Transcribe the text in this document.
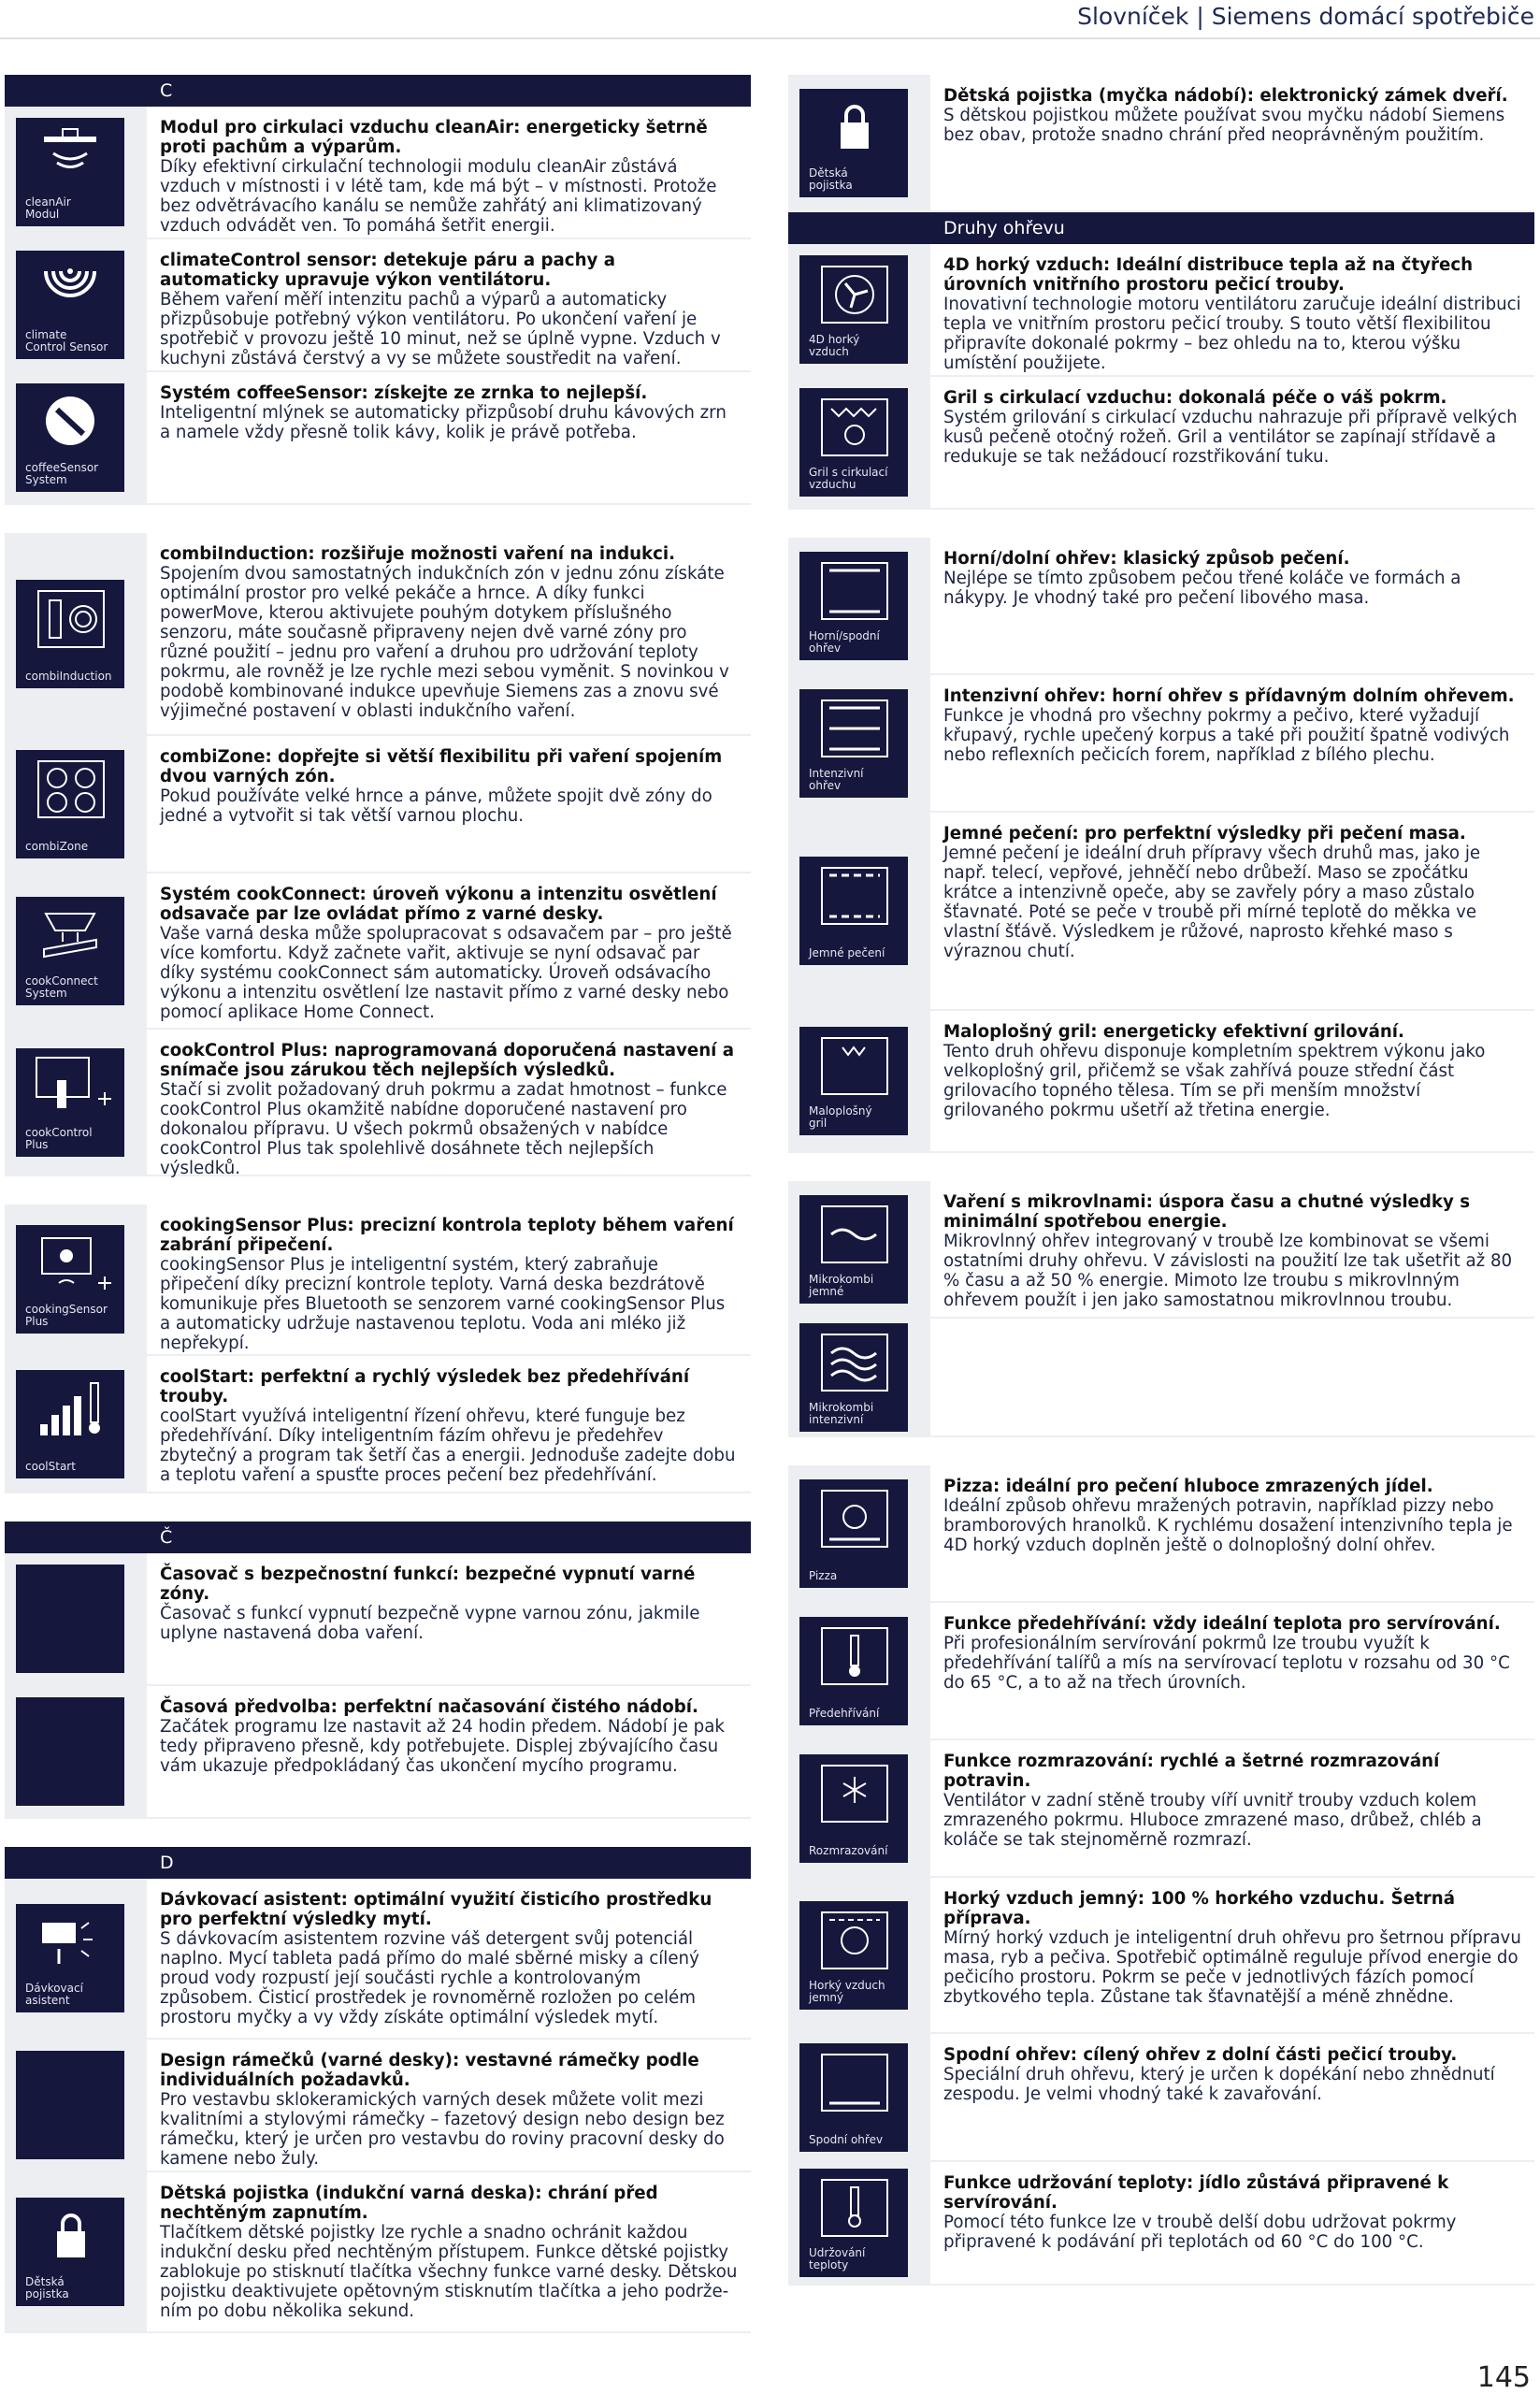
Slovníček | Siemens domácí spotřebiče
C
cleanAir
Modul
Modul pro cirkulaci vzduchu cleanAir: energeticky šetrně proti pachům a výparům.
Díky efektivní cirkulační technologii modulu cleanAir zůstává vzduch v místnosti i v létě tam, kde má být – v místnosti. Protože bez odvětrávacího kanálu se nemůže zahřátý ani klimatizovaný vzduch odvádět ven. To pomáhá šetřit energii.
climate
Control Sensor
climateControl sensor: detekuje páru a pachy a automaticky upravuje výkon ventilátoru.
Během vaření měří intenzitu pachů a výparů a automaticky přizpůsobuje potřebný výkon ventilátoru. Po ukončení vaření je spotřebič v provozu ještě 10 minut, než se úplně vypne. Vzduch v kuchyni zůstává čerstvý a vy se můžete soustředit na vaření.
coffeeSensor
System
Systém coffeeSensor: získejte ze zrnka to nejlepší.
Inteligentní mlýnek se automaticky přizpůsobí druhu kávových zrn a namele vždy přesně tolik kávy, kolik je právě potřeba.
combiInduction
combiInduction: rozšiřuje možnosti vaření na indukci.
Spojením dvou samostatných indukčních zón v jednu zónu získáte optimální prostor pro velké pekáče a hrnce. A díky funkci powerMove, kterou aktivujete pouhým dotykem příslušného senzoru, máte současně připraveny nejen dvě varné zóny pro různé použití – jednu pro vaření a druhou pro udržování teploty pokrmu, ale rovněž je lze rychle mezi sebou vyměnit. S novinkou v podobě kombinované indukce upevňuje Siemens zas a znovu své výjimečné postavení v oblasti indukčního vaření.
combiZone
combiZone: dopřejte si větší flexibilitu při vaření spojením dvou varných zón.
Pokud používáte velké hrnce a pánve, můžete spojit dvě zóny do jedné a vytvořit si tak větší varnou plochu.
cookConnect
System
Systém cookConnect: úroveň výkonu a intenzitu osvětlení odsavače par lze ovládat přímo z varné desky.
Vaše varná deska může spolupracovat s odsavačem par – pro ještě více komfortu. Když začnete vařit, aktivuje se nyní odsavač par díky systému cookConnect sám automaticky. Úroveň odsávacího výkonu a intenzitu osvětlení lze nastavit přímo z varné desky nebo pomocí aplikace Home Connect.
cookControl
Plus
cookControl Plus: naprogramovaná doporučená nastavení a snímače jsou zárukou těch nejlepších výsledků.
Stačí si zvolit požadovaný druh pokrmu a zadat hmotnost – funkce cookControl Plus okamžitě nabídne doporučené nastavení pro dokonalou přípravu. U všech pokrmů obsažených v nabídce cookControl Plus tak spolehlivě dosáhnete těch nejlepších výsledků.
cookingSensor
Plus
cookingSensor Plus: precizní kontrola teploty během vaření zabrání připečení.
cookingSensor Plus je inteligentní systém, který zabraňuje připečení díky precizní kontrole teploty. Varná deska bezdrátově komunikuje přes Bluetooth se senzorem varné cookingSensor Plus a automaticky udržuje nastavenou teplotu. Voda ani mléko již nepřekypí.
coolStart
coolStart: perfektní a rychlý výsledek bez předehřívání trouby.
coolStart využívá inteligentní řízení ohřevu, které funguje bez předehřívání. Díky inteligentním fázím ohřevu je předehřev zbytečný a program tak šetří čas a energii. Jednoduše zadejte dobu a teplotu vaření a spusťte proces pečení bez předehřívání.
Č
Časovač s bezpečnostní funkcí: bezpečné vypnutí varné zóny.
Časovač s funkcí vypnutí bezpečně vypne varnou zónu, jakmile uplyne nastavená doba vaření.
Časová předvolba: perfektní načasování čistého nádobí.
Začátek programu lze nastavit až 24 hodin předem. Nádobí je pak tedy připraveno přesně, kdy potřebujete. Displej zbývajícího času vám ukazuje předpokládaný čas ukončení mycího programu.
D
Dávkovací
asistent
Dávkovací asistent: optimální využití čisticího prostředku pro perfektní výsledky mytí.
S dávkovacím asistentem rozvine váš detergent svůj potenciál naplno. Mycí tableta padá přímo do malé sběrné misky a cílený proud vody rozpustí její součásti rychle a kontrolovaným způsobem. Čisticí prostředek je rovnoměrně rozložen po celém prostoru myčky a vy vždy získáte optimální výsledek mytí.
Design rámečků (varné desky): vestavné rámečky podle individuálních požadavků.
Pro vestavbu sklokeramických varných desek můžete volit mezi kvalitními a stylovými rámečky – fazetový design nebo design bez rámečku, který je určen pro vestavbu do roviny pracovní desky do kamene nebo žuly.
Dětská
pojistka
Dětská pojistka (indukční varná deska): chrání před nechtěným zapnutím.
Tlačítkem dětské pojistky lze rychle a snadno ochránit každou indukční desku před nechtěným přístupem. Funkce dětské pojistky zablokuje po stisknutí tlačítka všechny funkce varné desky. Dětskou pojistku deaktivujete opětovným stisknutím tlačítka a jeho podržením po dobu několika sekund.
Dětská
pojistka
Dětská pojistka (myčka nádobí): elektronický zámek dveří.
S dětskou pojistkou můžete používat svou myčku nádobí Siemens bez obav, protože snadno chrání před neoprávněným použitím.
Druhy ohřevu
4D horký
vzduch
4D horký vzduch: Ideální distribuce tepla až na čtyřech úrovních vnitřního prostoru pečicí trouby.
Inovativní technologie motoru ventilátoru zaručuje ideální distribuci tepla ve vnitřním prostoru pečicí trouby. S touto větší flexibilitou připravíte dokonalé pokrmy – bez ohledu na to, kterou výšku umístění použijete.
Gril s cirkulací
vzduchu
Gril s cirkulací vzduchu: dokonalá péče o váš pokrm.
Systém grilování s cirkulací vzduchu nahrazuje při přípravě velkých kusů pečeně otočný rožeň. Gril a ventilátor se zapínají střídavě a redukuje se tak nežádoucí rozstřikování tuku.
Horní/spodní
ohřev
Horní/dolní ohřev: klasický způsob pečení.
Nejlépe se tímto způsobem pečou třené koláče ve formách a nákypy. Je vhodný také pro pečení libového masa.
Intenzivní
ohřev
Intenzivní ohřev: horní ohřev s přídavným dolním ohřevem.
Funkce je vhodná pro všechny pokrmy a pečivo, které vyžadují křupavý, rychle upečený korpus a také při použití špatně vodivých nebo reflexních pečicích forem, například z bílého plechu.
Jemné pečení
Jemné pečení: pro perfektní výsledky při pečení masa.
Jemné pečení je ideální druh přípravy všech druhů mas, jako je např. telecí, vepřové, jehněčí nebo drůbeží. Maso se zpočátku krátce a intenzivně opeče, aby se zavřely póry a maso zůstalo šťavnaté. Poté se peče v troubě při mírné teplotě do měkka ve vlastní šťávě. Výsledkem je růžové, naprosto křehké maso s výraznou chutí.
Maloplošný
gril
Maloplošný gril: energeticky efektivní grilování.
Tento druh ohřevu disponuje kompletním spektrem výkonu jako velkoplošný gril, přičemž se však zahřívá pouze střední část grilovacího topného tělesa. Tím se při menším množství grilovaného pokrmu ušetří až třetina energie.
Mikrokombi
jemné
Vaření s mikrovlnami: úspora času a chutné výsledky s minimální spotřebou energie.
Mikrovlnný ohřev integrovaný v troubě lze kombinovat se všemi ostatními druhy ohřevu. V závislosti na použití lze tak ušetřit až 80 % času a až 50 % energie. Mimoto lze troubu s mikrovlnným ohřevem použít i jen jako samostatnou mikrovlnnou troubu.
Mikrokombi
intenzivní
Pizza
Pizza: ideální pro pečení hluboce zmrazených jídel.
Ideální způsob ohřevu mražených potravin, například pizzy nebo bramborových hranolků. K rychlému dosažení intenzivního tepla je 4D horký vzduch doplněn ještě o dolnoplošný dolní ohřev.
Předehřívání
Funkce předehřívání: vždy ideální teplota pro servírování.
Při profesionálním servírování pokrmů lze troubu využít k předehřívání talířů a mís na servírovací teplotu v rozsahu od 30 °C do 65 °C, a to až na třech úrovních.
Rozmrazování
Funkce rozmrazování: rychlé a šetrné rozmrazování potravin.
Ventilátor v zadní stěně trouby víří uvnitř trouby vzduch kolem zmrazeného pokrmu. Hluboce zmrazené maso, drůbež, chléb a koláče se tak stejnoměrně rozmrazí.
Horký vzduch
jemný
Horký vzduch jemný: 100 % horkého vzduchu. Šetrná příprava.
Mírný horký vzduch je inteligentní druh ohřevu pro šetrnou přípravu masa, ryb a pečiva. Spotřebič optimálně reguluje přívod energie do pečicího prostoru. Pokrm se peče v jednotlivých fázích pomocí zbytkového tepla. Zůstane tak šťavnatější a méně zhnědne.
Spodní ohřev
Spodní ohřev: cílený ohřev z dolní části pečicí trouby.
Speciální druh ohřevu, který je určen k dopékání nebo zhnědnutí zespodu. Je velmi vhodný také k zavařování.
Udržování
teploty
Funkce udržování teploty: jídlo zůstává připravené k servírování.
Pomocí této funkce lze v troubě delší dobu udržovat pokrmy připravené k podávání při teplotách od 60 °C do 100 °C.
145
